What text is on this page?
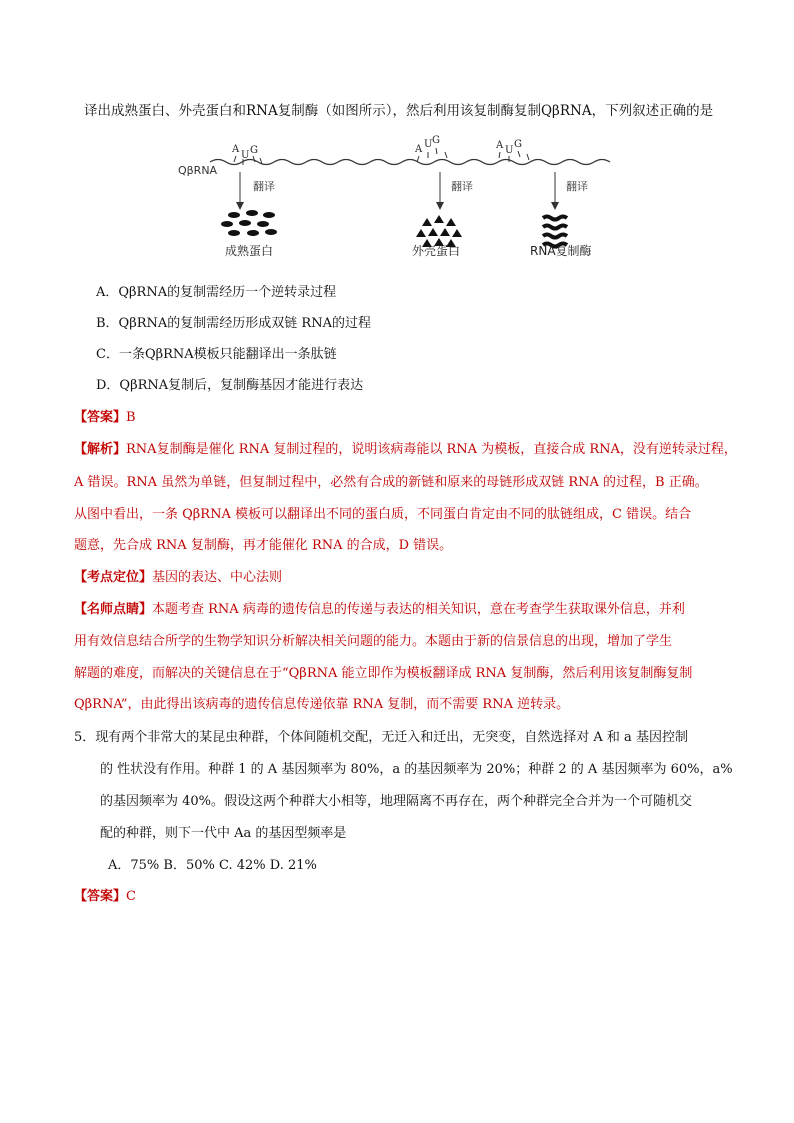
译出成熟蛋白、外壳蛋白和RNA复制酶（如图所示），然后利用该复制酶复制QβRNA，下列叙述正确的是
QβRNA
A
U G	A U G	A U
G
翻译	翻译	翻译
成熟蛋白	外壳蛋白	RNA复制酶
A．QβRNA的复制需经历一个逆转录过程
B．QβRNA的复制需经历形成双链 RNA的过程
C．一条QβRNA模板只能翻译出一条肽链
D．QβRNA复制后，复制酶基因才能进行表达
【答案】B
【解析】RNA复制酶是催化 RNA 复制过程的，说明该病毒能以 RNA 为模板，直接合成 RNA，没有逆转录过程，
A 错误。RNA 虽然为单链，但复制过程中，必然有合成的新链和原来的母链形成双链 RNA 的过程，B 正确。
从图中看出，一条 QβRNA 模板可以翻译出不同的蛋白质，不同蛋白肯定由不同的肽链组成，C 错误。结合
题意，先合成 RNA 复制酶，再才能催化 RNA 的合成，D 错误。
【考点定位】基因的表达、中心法则
【名师点睛】本题考查 RNA 病毒的遗传信息的传递与表达的相关知识，意在考查学生获取课外信息，并利
用有效信息结合所学的生物学知识分析解决相关问题的能力。本题由于新的信景信息的出现，增加了学生
解题的难度，而解决的关键信息在于“QβRNA 能立即作为模板翻译成 RNA 复制酶，然后利用该复制酶复制
QβRNA”，由此得出该病毒的遗传信息传递依靠 RNA 复制，而不需要 RNA 逆转录。
5．现有两个非常大的某昆虫种群，个体间随机交配，无迁入和迁出，无突变，自然选择对 A 和 a 基因控制
的 性状没有作用。种群 1 的 A 基因频率为 80%，a 的基因频率为 20%；种群 2 的 A 基因频率为 60%，a%
的基因频率为 40%。假设这两个种群大小相等，地理隔离不再存在，两个种群完全合并为一个可随机交
配的种群，则下一代中 Aa 的基因型频率是
A．75% B．50% C. 42% D. 21%
【答案】C
